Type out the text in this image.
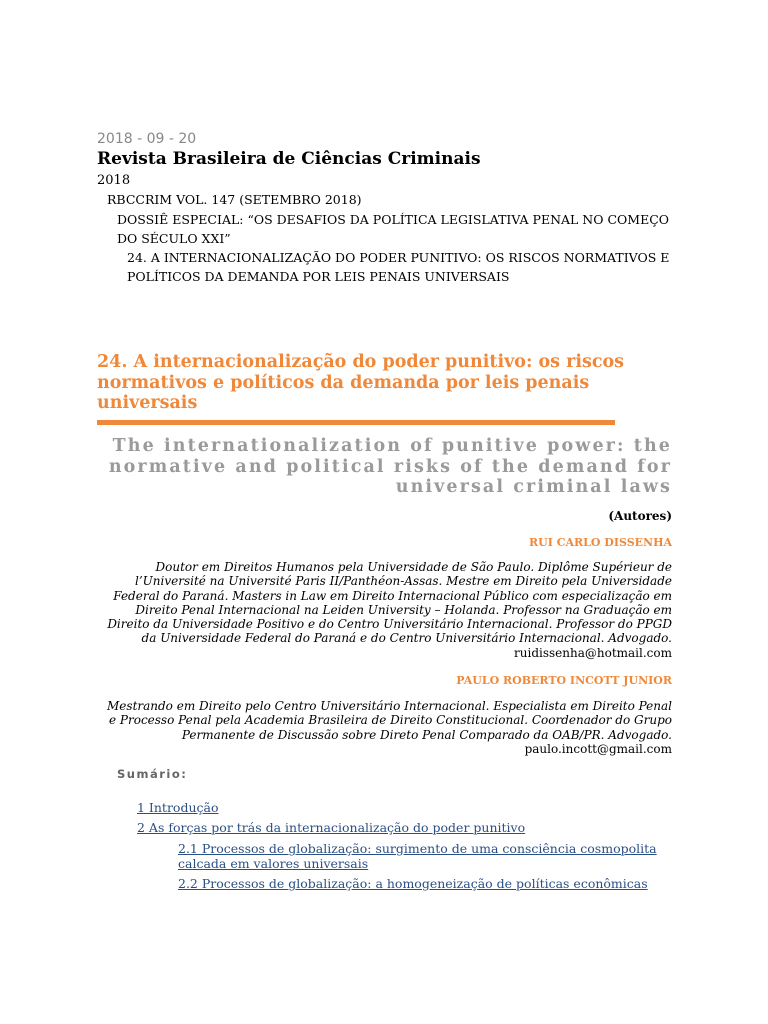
2018 - 09 - 20
Revista Brasileira de Ciências Criminais
2018
RBCCRIM VOL. 147 (SETEMBRO 2018)
DOSSIÊ ESPECIAL: “OS DESAFIOS DA POLÍTICA LEGISLATIVA PENAL NO COMEÇO DO SÉCULO XXI”
24. A INTERNACIONALIZAÇÃO DO PODER PUNITIVO: OS RISCOS NORMATIVOS E POLÍTICOS DA DEMANDA POR LEIS PENAIS UNIVERSAIS
24. A internacionalização do poder punitivo: os riscos normativos e políticos da demanda por leis penais universais
The internationalization of punitive power: the normative and political risks of the demand for universal criminal laws
(Autores)
RUI CARLO DISSENHA
Doutor em Direitos Humanos pela Universidade de São Paulo. Diplôme Supérieur de l’Université na Université Paris II/Panthéon-Assas. Mestre em Direito pela Universidade Federal do Paraná. Masters in Law em Direito Internacional Público com especialização em Direito Penal Internacional na Leiden University – Holanda. Professor na Graduação em Direito da Universidade Positivo e do Centro Universitário Internacional. Professor do PPGD da Universidade Federal do Paraná e do Centro Universitário Internacional. Advogado. ruidissenha@hotmail.com
PAULO ROBERTO INCOTT JUNIOR
Mestrando em Direito pelo Centro Universitário Internacional. Especialista em Direito Penal e Processo Penal pela Academia Brasileira de Direito Constitucional. Coordenador do Grupo Permanente de Discussão sobre Direto Penal Comparado da OAB/PR. Advogado. paulo.incott@gmail.com
Sumário:
1 Introdução
2 As forças por trás da internacionalização do poder punitivo
2.1 Processos de globalização: surgimento de uma consciência cosmopolita calcada em valores universais
2.2 Processos de globalização: a homogeneização de políticas econômicas
